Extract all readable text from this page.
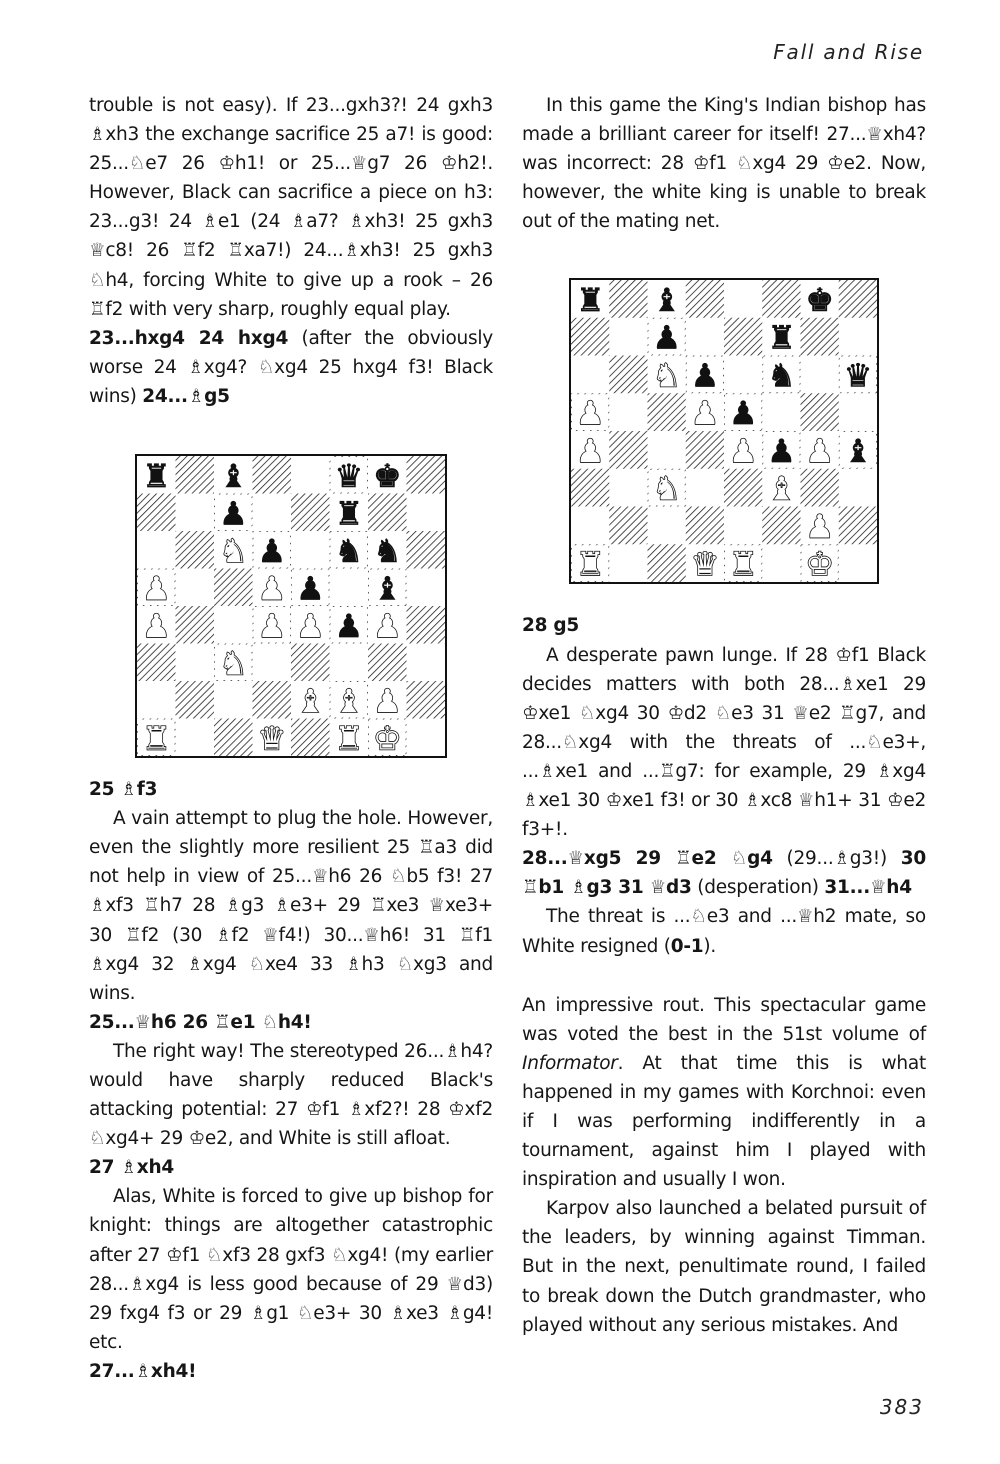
Fall and Rise

trouble is not easy). If 23...gxh3?! 24 gxh3 ♗xh3 the exchange sacrifice 25 a7! is good: 25...♘e7 26 ♔h1! or 25...♕g7 26 ♔h2!. However, Black can sacrifice a piece on h3: 23...g3! 24 ♗e1 (24 ♗a7? ♗xh3! 25 gxh3 ♕c8! 26 ♖f2 ♖xa7!) 24...♗xh3! 25 gxh3 ♘h4, forcing White to give up a rook – 26 ♖f2 with very sharp, roughly equal play.

23...hxg4 24 hxg4 (after the obviously worse 24 ♗xg4? ♘xg4 25 hxg4 f3! Black wins) 24...♗g5

♜ ♝	♛ ♚
♟	♜
♞ ♟ ♞ ♞
♟	♟ ♟ ♝
♟	♟ ♟ ♟ ♟
♞
♝ ♝ ♟
♜	♛ ♜ ♚

25 ♗f3

A vain attempt to plug the hole. However, even the slightly more resilient 25 ♖a3 did not help in view of 25...♕h6 26 ♘b5 f3! 27 ♗xf3 ♖h7 28 ♗g3 ♗e3+ 29 ♖xe3 ♕xe3+ 30 ♖f2 (30 ♗f2 ♕f4!) 30...♕h6! 31 ♖f1 ♗xg4 32 ♗xg4 ♘xe4 33 ♗h3 ♘xg3 and wins.

25...♕h6 26 ♖e1 ♘h4!

The right way! The stereotyped 26...♗h4? would have sharply reduced Black's attacking potential: 27 ♔f1 ♗xf2?! 28 ♔xf2 ♘xg4+ 29 ♔e2, and White is still afloat.

27 ♗xh4

Alas, White is forced to give up bishop for knight: things are altogether catastrophic after 27 ♔f1 ♘xf3 28 gxf3 ♘xg4! (my earlier 28...♗xg4 is less good because of 29 ♕d3) 29 fxg4 f3 or 29 ♗g1 ♘e3+ 30 ♗xe3 ♗g4! etc.

27...♗xh4!

In this game the King's Indian bishop has made a brilliant career for itself! 27...♕xh4? was incorrect: 28 ♔f1 ♘xg4 29 ♔e2. Now, however, the white king is unable to break out of the mating net.

♜ ♝	♚
♟	♜
♞ ♟ ♞ ♛
♟	♟ ♟
♟	♟ ♟ ♟ ♝
♞	♝
♟
♜	♛ ♜ ♚

28 g5

A desperate pawn lunge. If 28 ♔f1 Black decides matters with both 28...♗xe1 29 ♔xe1 ♘xg4 30 ♔d2 ♘e3 31 ♕e2 ♖g7, and 28...♘xg4 with the threats of ...♘e3+, ...♗xe1 and ...♖g7: for example, 29 ♗xg4 ♗xe1 30 ♔xe1 f3! or 30 ♗xc8 ♕h1+ 31 ♔e2 f3+!.

28...♕xg5 29 ♖e2 ♘g4 (29...♗g3!) 30 ♖b1 ♗g3 31 ♕d3 (desperation) 31...♕h4

The threat is ...♘e3 and ...♕h2 mate, so White resigned (0-1).

An impressive rout. This spectacular game was voted the best in the 51st volume of Informator. At that time this is what happened in my games with Korchnoi: even if I was performing indifferently in a tournament, against him I played with inspiration and usually I won.

Karpov also launched a belated pursuit of the leaders, by winning against Timman. But in the next, penultimate round, I failed to break down the Dutch grandmaster, who played without any serious mistakes. And

383
